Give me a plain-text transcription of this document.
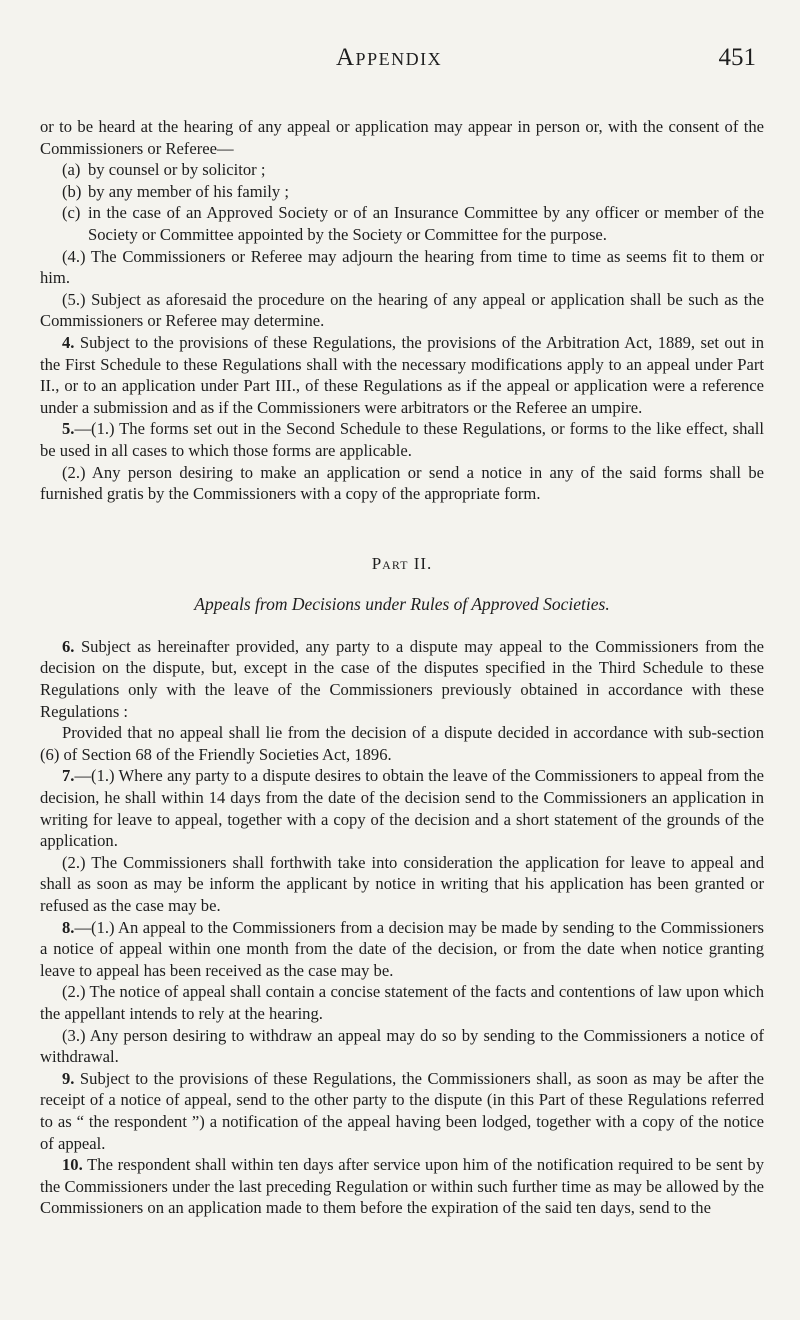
Appendix	451

or to be heard at the hearing of any appeal or application may appear in person or, with the consent of the Commissioners or Referee—

(a) by counsel or by solicitor ;

(b) by any member of his family ;

(c) in the case of an Approved Society or of an Insurance Committee by any officer or member of the Society or Committee appointed by the Society or Committee for the purpose.

(4.) The Commissioners or Referee may adjourn the hearing from time to time as seems fit to them or him.

(5.) Subject as aforesaid the procedure on the hearing of any appeal or application shall be such as the Commissioners or Referee may determine.

4. Subject to the provisions of these Regulations, the provisions of the Arbitration Act, 1889, set out in the First Schedule to these Regulations shall with the necessary modifications apply to an appeal under Part II., or to an application under Part III., of these Regulations as if the appeal or application were a reference under a submission and as if the Commissioners were arbitrators or the Referee an umpire.

5.—(1.) The forms set out in the Second Schedule to these Regulations, or forms to the like effect, shall be used in all cases to which those forms are applicable.

(2.) Any person desiring to make an application or send a notice in any of the said forms shall be furnished gratis by the Commissioners with a copy of the appropriate form.

Part II.

Appeals from Decisions under Rules of Approved Societies.

6. Subject as hereinafter provided, any party to a dispute may appeal to the Commissioners from the decision on the dispute, but, except in the case of the disputes specified in the Third Schedule to these Regulations only with the leave of the Commissioners previously obtained in accordance with these Regulations :

Provided that no appeal shall lie from the decision of a dispute decided in accordance with sub-section (6) of Section 68 of the Friendly Societies Act, 1896.

7.—(1.) Where any party to a dispute desires to obtain the leave of the Commissioners to appeal from the decision, he shall within 14 days from the date of the decision send to the Commissioners an application in writing for leave to appeal, together with a copy of the decision and a short statement of the grounds of the application.

(2.) The Commissioners shall forthwith take into consideration the application for leave to appeal and shall as soon as may be inform the applicant by notice in writing that his application has been granted or refused as the case may be.

8.—(1.) An appeal to the Commissioners from a decision may be made by sending to the Commissioners a notice of appeal within one month from the date of the decision, or from the date when notice granting leave to appeal has been received as the case may be.

(2.) The notice of appeal shall contain a concise statement of the facts and contentions of law upon which the appellant intends to rely at the hearing.

(3.) Any person desiring to withdraw an appeal may do so by sending to the Commissioners a notice of withdrawal.

9. Subject to the provisions of these Regulations, the Commissioners shall, as soon as may be after the receipt of a notice of appeal, send to the other party to the dispute (in this Part of these Regulations referred to as “ the respondent ”) a notification of the appeal having been lodged, together with a copy of the notice of appeal.

10. The respondent shall within ten days after service upon him of the notification required to be sent by the Commissioners under the last preceding Regulation or within such further time as may be allowed by the Commissioners on an application made to them before the expiration of the said ten days, send to the
